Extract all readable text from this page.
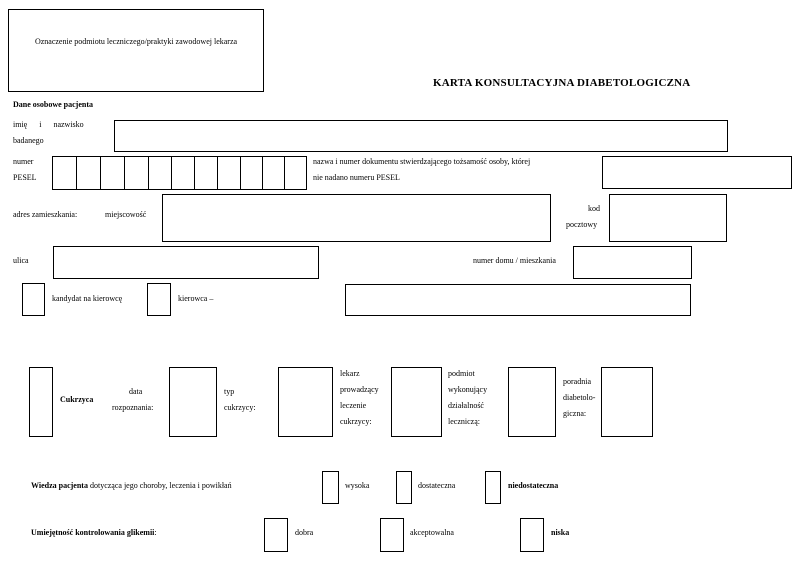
Oznaczenie podmiotu leczniczego/praktyki zawodowej lekarza
KARTA KONSULTACYJNA DIABETOLOGICZNA
Dane osobowe pacjenta
imię      i      nazwisko
badanego
numer
PESEL
nazwa i numer dokumentu stwierdzającego tożsamość osoby, której
nie nadano numeru PESEL
adres zamieszkania:	miejscowość
kod
pocztowy
ulica	numer domu / mieszkania
kandydat na kierowcę	kierowca –
Cukrzyca
data
rozpoznania:
typ
cukrzycy:
lekarz
prowadzący
leczenie
cukrzycy:
podmiot
wykonujący
działalność
leczniczą:
poradnia
diabetolo-
giczna:
Wiedza pacjenta dotycząca jego choroby, leczenia i powikłań	wysoka	dostateczna	niedostateczna
Umiejętność kontrolowania glikemii:	dobra	akceptowalna	niska
